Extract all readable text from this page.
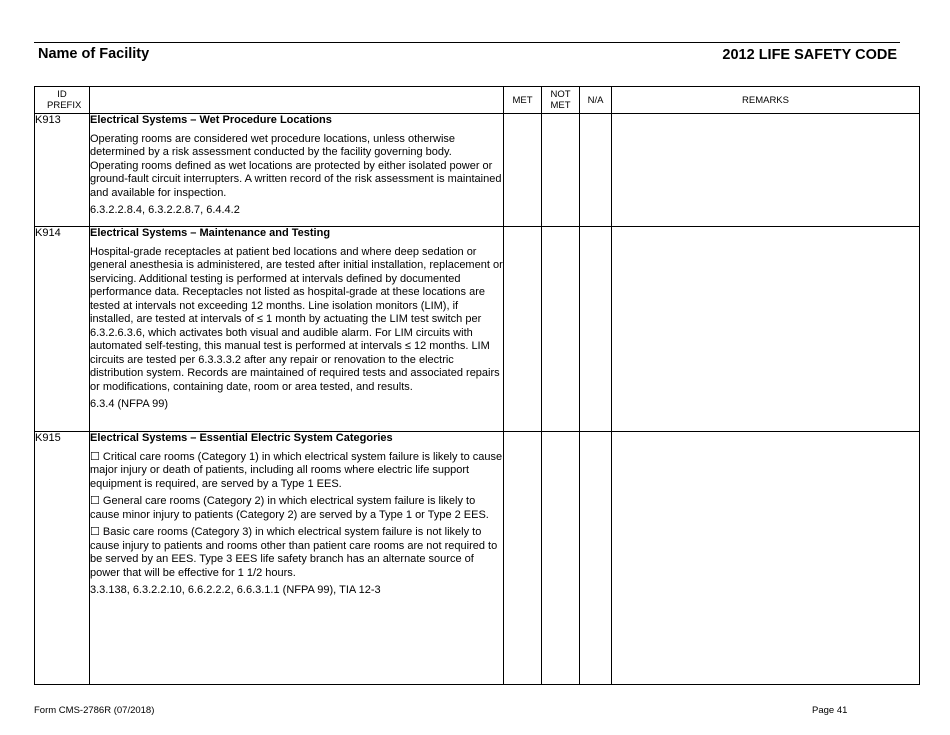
Name of Facility	2012 LIFE SAFETY CODE
ID PREFIX		MET	NOT MET	N/A	REMARKS
K913	Electrical Systems – Wet Procedure Locations
Operating rooms are considered wet procedure locations, unless otherwise determined by a risk assessment conducted by the facility governing body. Operating rooms defined as wet locations are protected by either isolated power or ground-fault circuit interrupters. A written record of the risk assessment is maintained and available for inspection.
6.3.2.2.8.4, 6.3.2.2.8.7, 6.4.4.2				

K914	Electrical Systems – Maintenance and Testing
Hospital-grade receptacles at patient bed locations and where deep sedation or general anesthesia is administered, are tested after initial installation, replacement or servicing. Additional testing is performed at intervals defined by documented performance data. Receptacles not listed as hospital-grade at these locations are tested at intervals not exceeding 12 months. Line isolation monitors (LIM), if installed, are tested at intervals of ≤ 1 month by actuating the LIM test switch per 6.3.2.6.3.6, which activates both visual and audible alarm. For LIM circuits with automated self-testing, this manual test is performed at intervals ≤ 12 months. LIM circuits are tested per 6.3.3.3.2 after any repair or renovation to the electric distribution system. Records are maintained of required tests and associated repairs or modifications, containing date, room or area tested, and results.
6.3.4 (NFPA 99)				

K915	Electrical Systems – Essential Electric System Categories
☐ Critical care rooms (Category 1) in which electrical system failure is likely to cause major injury or death of patients, including all rooms where electric life support equipment is required, are served by a Type 1 EES.
☐ General care rooms (Category 2) in which electrical system failure is likely to cause minor injury to patients (Category 2) are served by a Type 1 or Type 2 EES.
☐ Basic care rooms (Category 3) in which electrical system failure is not likely to cause injury to patients and rooms other than patient care rooms are not required to be served by an EES. Type 3 EES life safety branch has an alternate source of power that will be effective for 1 1/2 hours.
3.3.138, 6.3.2.2.10, 6.6.2.2.2, 6.6.3.1.1 (NFPA 99), TIA 12-3				

Form CMS-2786R (07/2018)	Page 41
